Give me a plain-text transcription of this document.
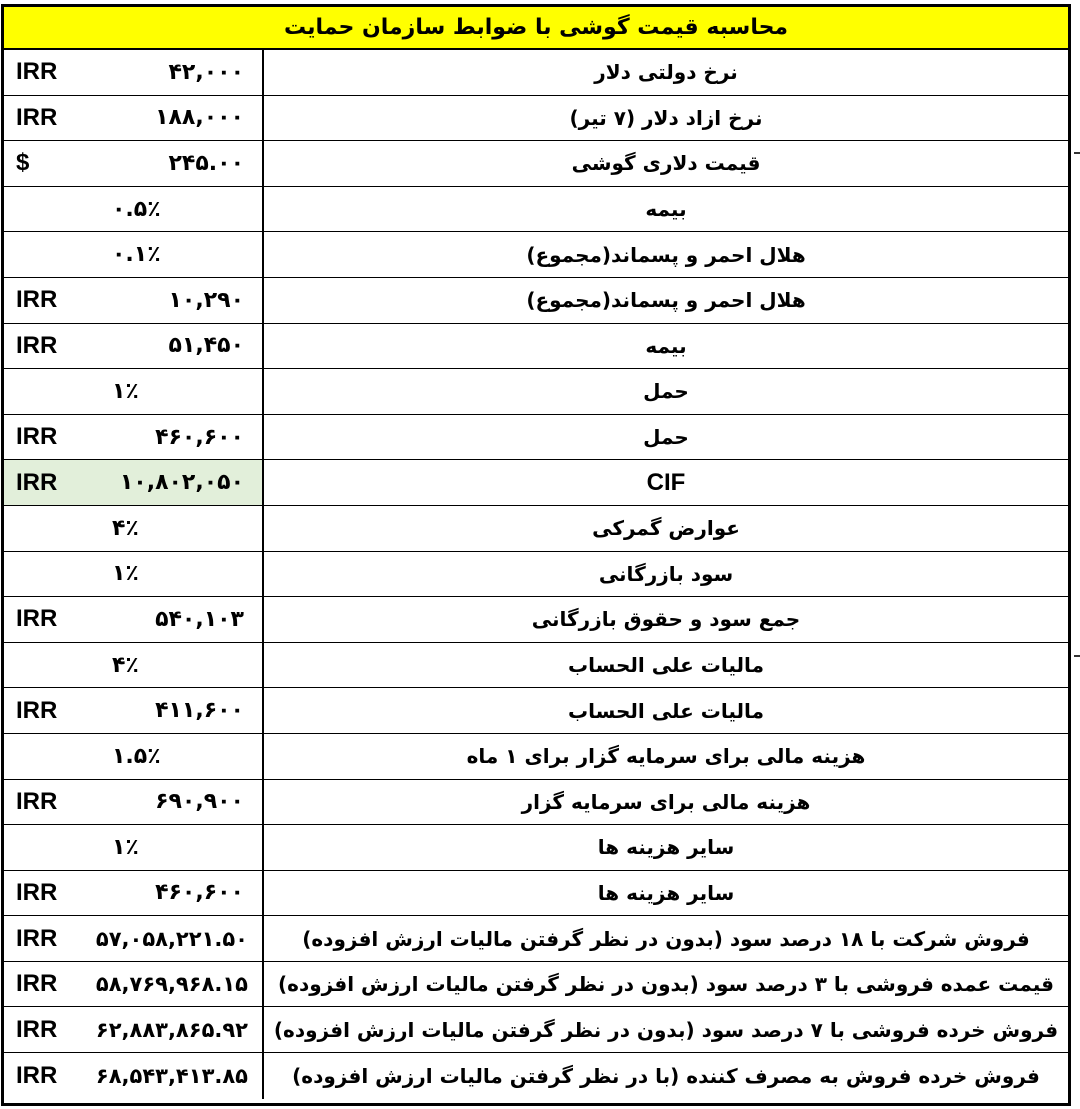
محاسبه قیمت گوشی با ضوابط سازمان حمایت
IRR	۴۲,۰۰۰	نرخ دولتی دلار
IRR	۱۸۸,۰۰۰	نرخ ازاد دلار (۷ تیر)
$	۲۴۵.۰۰	قیمت دلاری گوشی
۰.۵٪	بیمه
۰.۱٪	هلال احمر و پسماند(مجموع)
IRR	۱۰,۲۹۰	هلال احمر و پسماند(مجموع)
IRR	۵۱,۴۵۰	بیمه
۱٪	حمل
IRR	۴۶۰,۶۰۰	حمل
IRR	۱۰,۸۰۲,۰۵۰	CIF
۴٪	عوارض گمرکی
۱٪	سود بازرگانی
IRR	۵۴۰,۱۰۳	جمع سود و حقوق بازرگانی
۴٪	مالیات علی الحساب
IRR	۴۱۱,۶۰۰	مالیات علی الحساب
۱.۵٪	هزینه مالی برای سرمایه گزار برای ۱ ماه
IRR	۶۹۰,۹۰۰	هزینه مالی برای سرمایه گزار
۱٪	سایر هزینه ها
IRR	۴۶۰,۶۰۰	سایر هزینه ها
IRR ۵۷,۰۵۸,۲۲۱.۵۰	فروش شرکت با ۱۸ درصد سود (بدون در نظر گرفتن مالیات ارزش افزوده)
IRR ۵۸,۷۶۹,۹۶۸.۱۵	قیمت عمده فروشی با ۳ درصد سود (بدون در نظر گرفتن مالیات ارزش افزوده)
IRR ۶۲,۸۸۳,۸۶۵.۹۲	فروش خرده فروشی با ۷ درصد سود (بدون در نظر گرفتن مالیات ارزش افزوده)
IRR ۶۸,۵۴۳,۴۱۳.۸۵	فروش خرده فروش به مصرف کننده (با در نظر گرفتن مالیات ارزش افزوده)
